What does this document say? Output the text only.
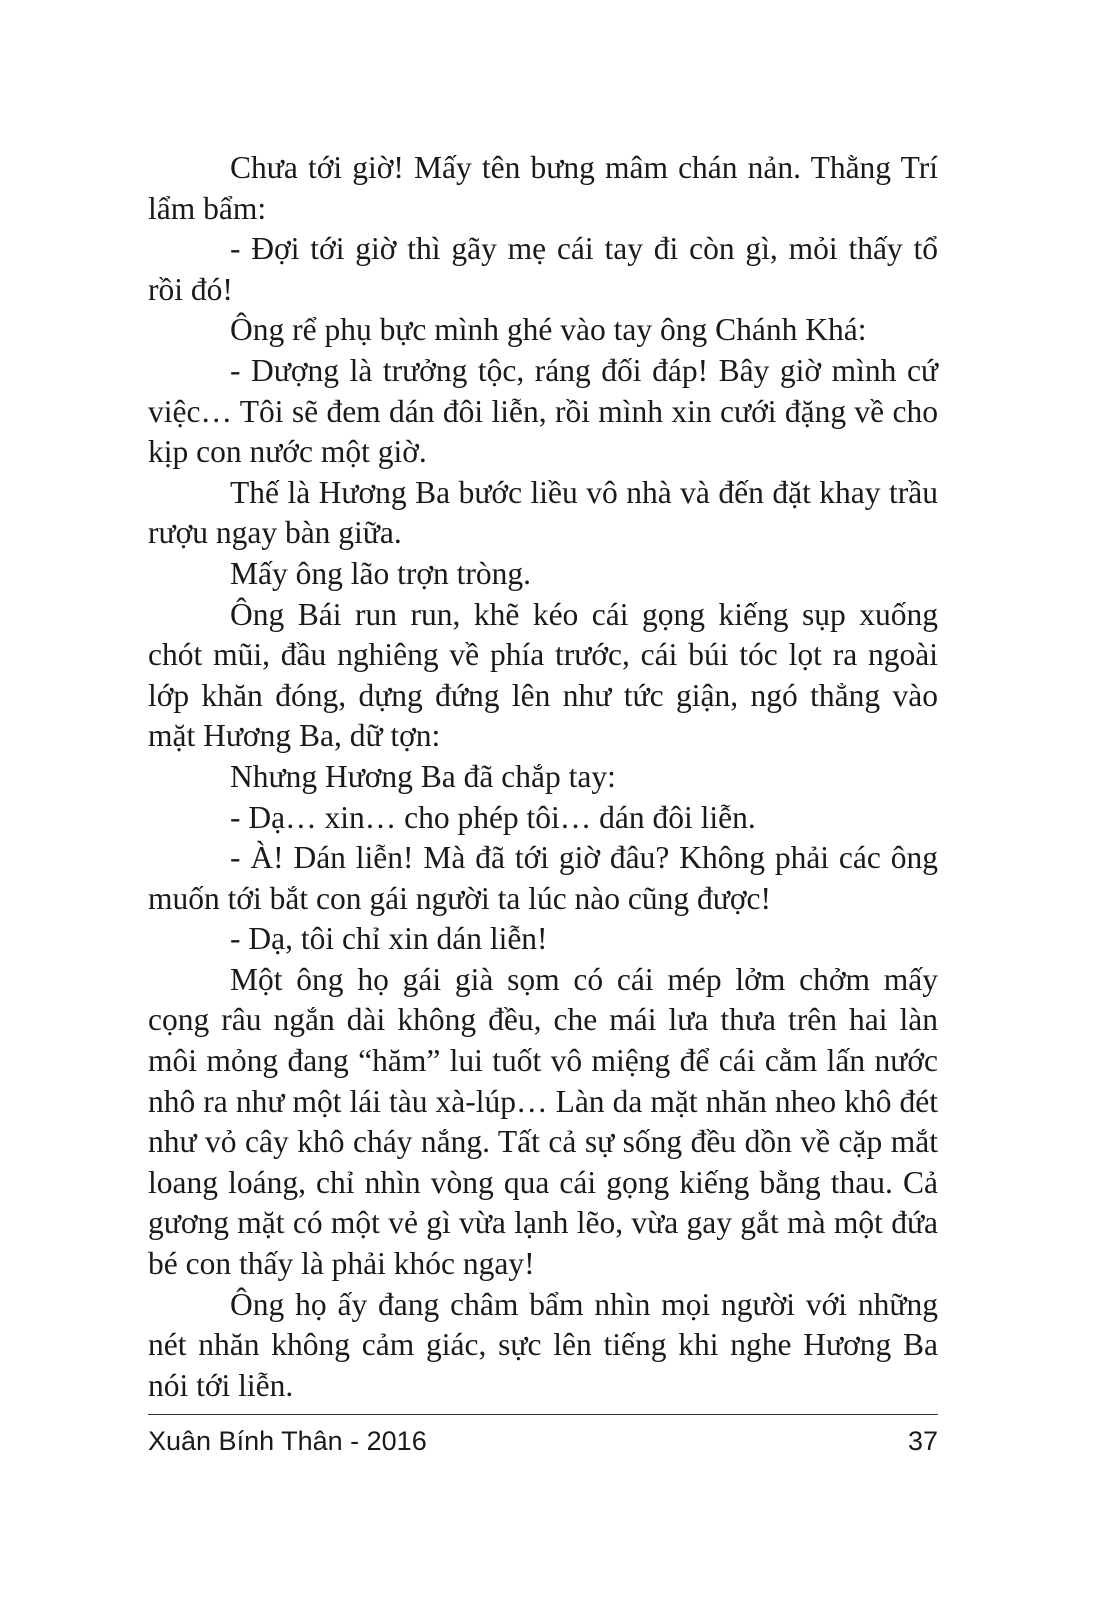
Chưa tới giờ! Mấy tên bưng mâm chán nản. Thằng Trí lẩm bẩm:

- Đợi tới giờ thì gãy mẹ cái tay đi còn gì, mỏi thấy tổ rồi đó!

Ông rể phụ bực mình ghé vào tay ông Chánh Khá:

- Dượng là trưởng tộc, ráng đối đáp! Bây giờ mình cứ việc… Tôi sẽ đem dán đôi liễn, rồi mình xin cưới đặng về cho kịp con nước một giờ.

Thế là Hương Ba bước liều vô nhà và đến đặt khay trầu rượu ngay bàn giữa.

Mấy ông lão trợn tròng.

Ông Bái run run, khẽ kéo cái gọng kiếng sụp xuống chót mũi, đầu nghiêng về phía trước, cái búi tóc lọt ra ngoài lớp khăn đóng, dựng đứng lên như tức giận, ngó thẳng vào mặt Hương Ba, dữ tợn:

Nhưng Hương Ba đã chắp tay:

- Dạ… xin… cho phép tôi… dán đôi liễn.

- À! Dán liễn! Mà đã tới giờ đâu? Không phải các ông muốn tới bắt con gái người ta lúc nào cũng được!

- Dạ, tôi chỉ xin dán liễn!

Một ông họ gái già sọm có cái mép lởm chởm mấy cọng râu ngắn dài không đều, che mái lưa thưa trên hai làn môi mỏng đang “hăm” lui tuốt vô miệng để cái cằm lấn nước nhô ra như một lái tàu xà-lúp… Làn da mặt nhăn nheo khô đét như vỏ cây khô cháy nắng. Tất cả sự sống đều dồn về cặp mắt loang loáng, chỉ nhìn vòng qua cái gọng kiếng bằng thau. Cả gương mặt có một vẻ gì vừa lạnh lẽo, vừa gay gắt mà một đứa bé con thấy là phải khóc ngay!

Ông họ ấy đang châm bẩm nhìn mọi người với những nét nhăn không cảm giác, sực lên tiếng khi nghe Hương Ba nói tới liễn.

Xuân Bính Thân - 2016	37
